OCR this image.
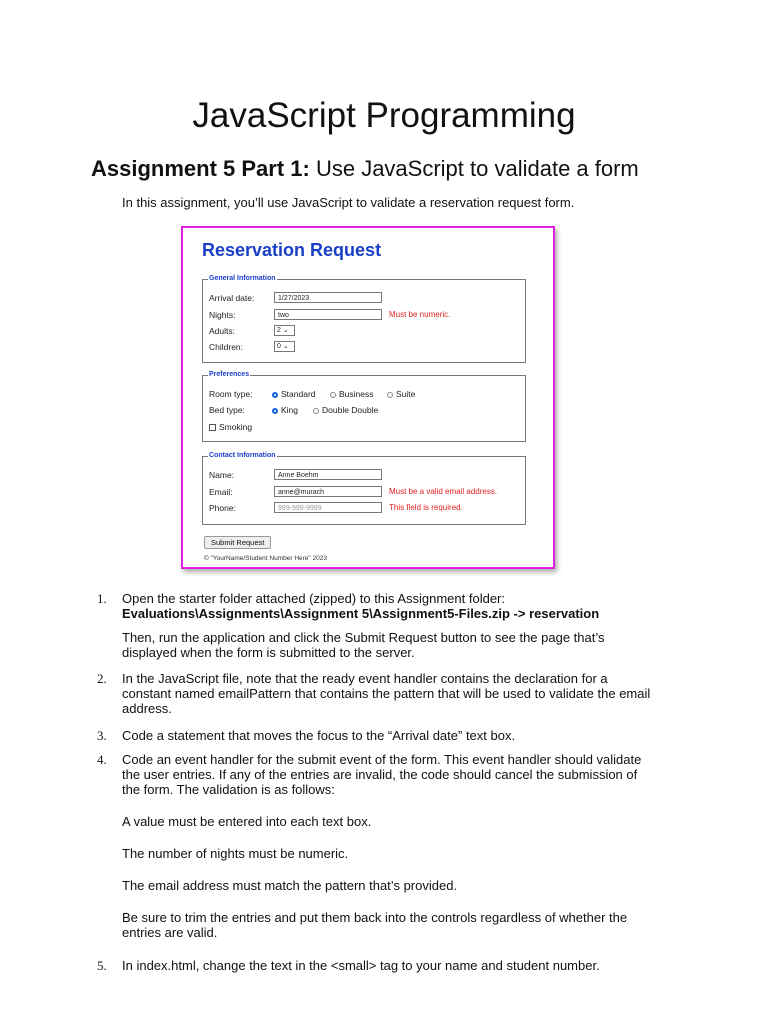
JavaScript Programming
Assignment 5 Part 1: Use JavaScript to validate a form

In this assignment, you’ll use JavaScript to validate a reservation request form.

Reservation Request
General Information
Arrival date:	1/27/2023
Nights:	two	Must be numeric.
Adults:	2 ⌄
Children:	0 ⌄
Preferences
Room type:	Standard	Business	Suite
Bed type:	King	Double Double
Smoking
Contact Information
Name:	Anne Boehm
Email:	anne@murach	Must be a valid email address.
Phone:	999-999-9999	This field is required.
Submit Request
© "YourName/Student Number Here" 2023
1. Open the starter folder attached (zipped) to this Assignment folder:

Evaluations\Assignments\Assignment 5\Assignment5-Files.zip -> reservation

Then, run the application and click the Submit Request button to see the page that’s displayed when the form is submitted to the server.

2. In the JavaScript file, note that the ready event handler contains the declaration for a constant named emailPattern that contains the pattern that will be used to validate the email address.

3. Code a statement that moves the focus to the “Arrival date” text box.

4. Code an event handler for the submit event of the form. This event handler should validate the user entries. If any of the entries are invalid, the code should cancel the submission of the form. The validation is as follows:

A value must be entered into each text box.

The number of nights must be numeric.

The email address must match the pattern that’s provided.

Be sure to trim the entries and put them back into the controls regardless of whether the entries are valid.

5. In index.html, change the text in the <small> tag to your name and student number.
